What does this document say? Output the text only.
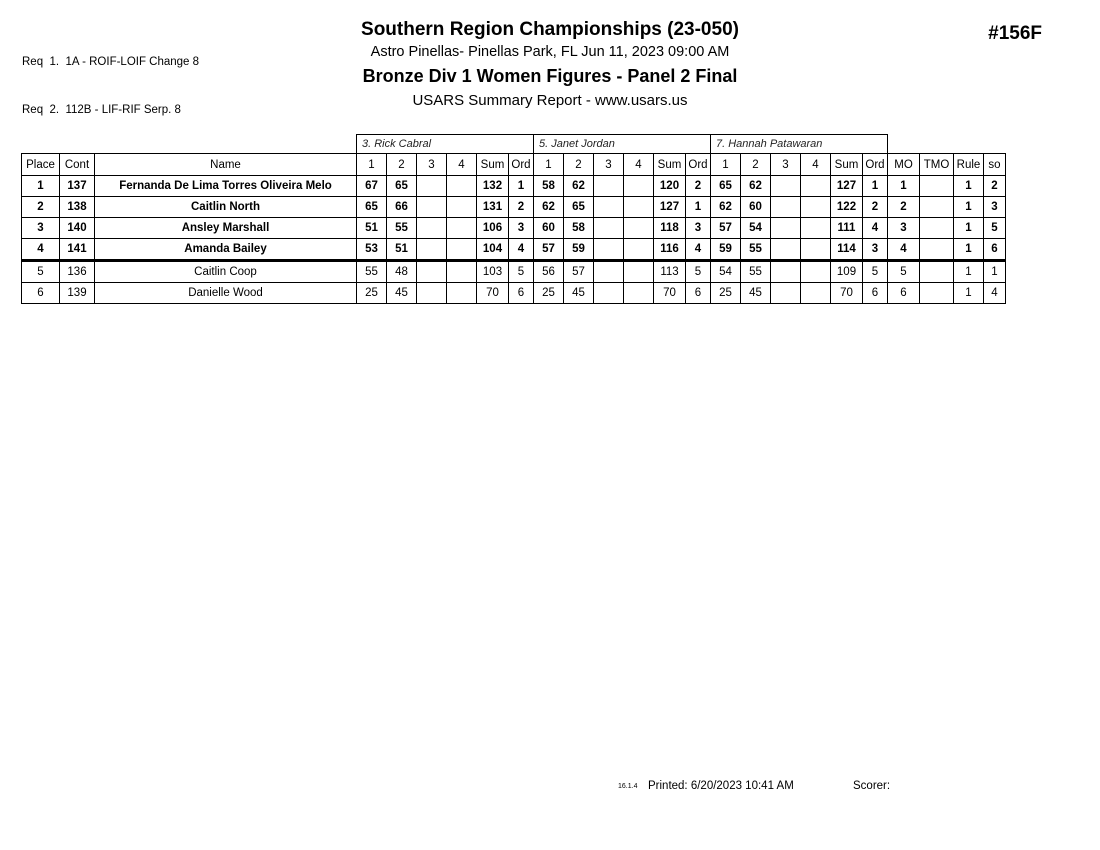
Req  1.  1A - ROIF-LOIF Change 8

Req  2.  112B - LIF-RIF Serp. 8

Southern Region Championships (23-050)
Astro Pinellas- Pinellas Park, FL Jun 11, 2023 09:00 AM
Bronze Div 1 Women Figures - Panel 2 Final
USARS Summary Report - www.usars.us
#156F
			3. Rick Cabral						5. Janet Jordan						7. Hannah Patawaran									
Place	Cont	Name	1	2	3	4	Sum	Ord	1	2	3	4	Sum	Ord	1	2	3	4	Sum	Ord	MO	TMO	Rule	so
1	137	Fernanda De Lima Torres Oliveira Melo	67	65			132	1	58	62			120	2	65	62			127	1	1		1	2
2	138	Caitlin North	65	66			131	2	62	65			127	1	62	60			122	2	2		1	3
3	140	Ansley Marshall	51	55			106	3	60	58			118	3	57	54			111	4	3		1	5
4	141	Amanda Bailey	53	51			104	4	57	59			116	4	59	55			114	3	4		1	6
5	136	Caitlin Coop	55	48			103	5	56	57			113	5	54	55			109	5	5		1	1
6	139	Danielle Wood	25	45			70	6	25	45			70	6	25	45			70	6	6		1	4
16.1.4 Printed: 6/20/2023 10:41 AM	Scorer:
